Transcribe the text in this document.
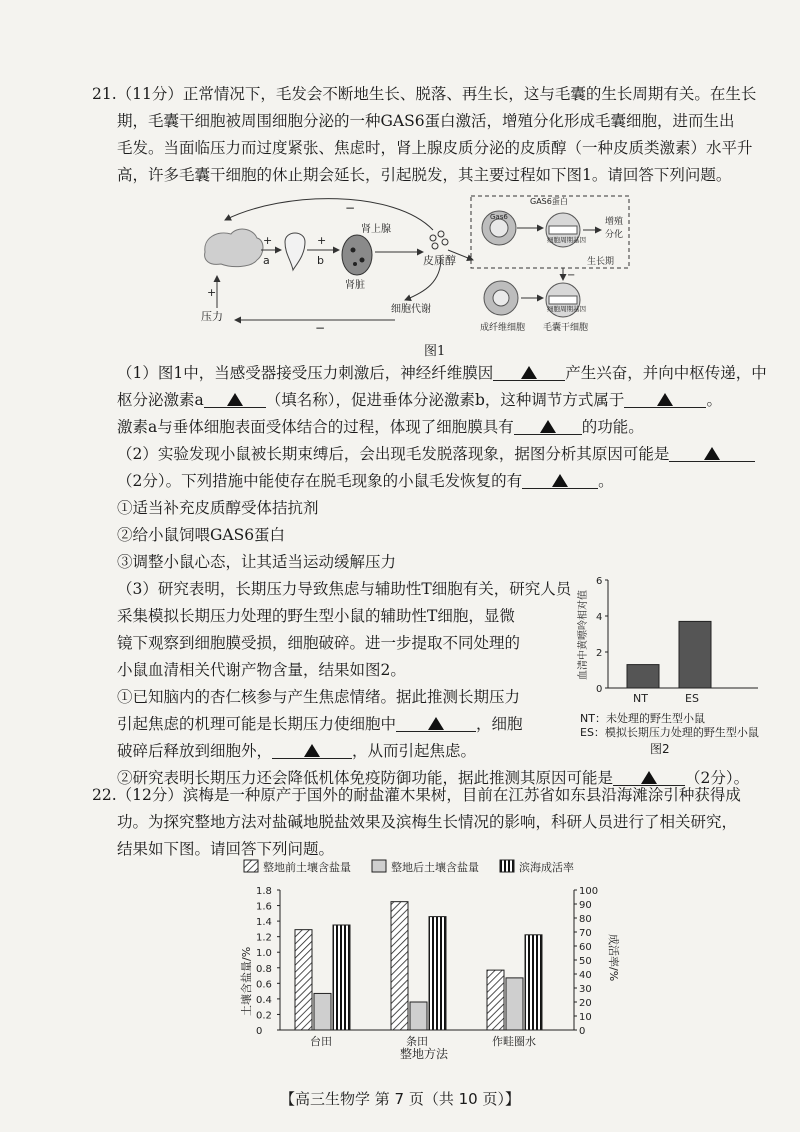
21.（11分）正常情况下，毛发会不断地生长、脱落、再生长，这与毛囊的生长周期有关。在生长
期，毛囊干细胞被周围细胞分泌的一种GAS6蛋白激活，增殖分化形成毛囊细胞，进而生出
毛发。当面临压力而过度紧张、焦虑时，肾上腺皮质分泌的皮质醇（一种皮质类激素）水平升
高，许多毛囊干细胞的休止期会延长，引起脱发，其主要过程如下图1。请回答下列问题。
+
a
+
b
肾上腺
肾脏
皮质醇
细胞代谢
压力
+
−
−	GAS6蛋白
Gas6
细胞周期基因
增殖
分化
生长期
−
细胞周期基因
成纤维细胞 毛囊干细胞
图1
（1）图1中，当感受器接受压力刺激后，神经纤维膜因	产生兴奋，并向中枢传递，中
枢分泌激素a	（填名称），促进垂体分泌激素b，这种调节方式属于	。
激素a与垂体细胞表面受体结合的过程，体现了细胞膜具有	的功能。
（2）实验发现小鼠被长期束缚后，会出现毛发脱落现象，据图分析其原因可能是
（2分）。下列措施中能使存在脱毛现象的小鼠毛发恢复的有	。
①适当补充皮质醇受体拮抗剂
②给小鼠饲喂GAS6蛋白
③调整小鼠心态，让其适当运动缓解压力
（3）研究表明，长期压力导致焦虑与辅助性T细胞有关，研究人员
采集模拟长期压力处理的野生型小鼠的辅助性T细胞，显微
镜下观察到细胞膜受损，细胞破碎。进一步提取不同处理的
小鼠血清相关代谢产物含量，结果如图2。
①已知脑内的杏仁核参与产生焦虑情绪。据此推测长期压力
引起焦虑的机理可能是长期压力使细胞中	，细胞
破碎后释放到细胞外，	，从而引起焦虑。
②研究表明长期压力还会降低机体免疫防御功能，据此推测其原因可能是	（2分）。
血清中黄嘌呤相对值
0
2
4
6
NT	ES
NT：未处理的野生型小鼠
ES：模拟长期压力处理的野生型小鼠
图2
22.（12分）滨梅是一种原产于国外的耐盐灌木果树，目前在江苏省如东县沿海滩涂引种获得成
功。为探究整地方法对盐碱地脱盐效果及滨梅生长情况的影响，科研人员进行了相关研究，
结果如下图。请回答下列问题。
整地前土壤含盐量	整地后土壤含盐量	滨海成活率
土壤含盐量/%	成活率/%
0
0.2
0.4
0.6
0.8
1.0
1.2
1.4
1.6
1.8
0
10
20
30
40
50
60
70
80
90
100
台田	条田	作畦圈水
整地方法
【高三生物学 第 7 页（共 10 页）】
